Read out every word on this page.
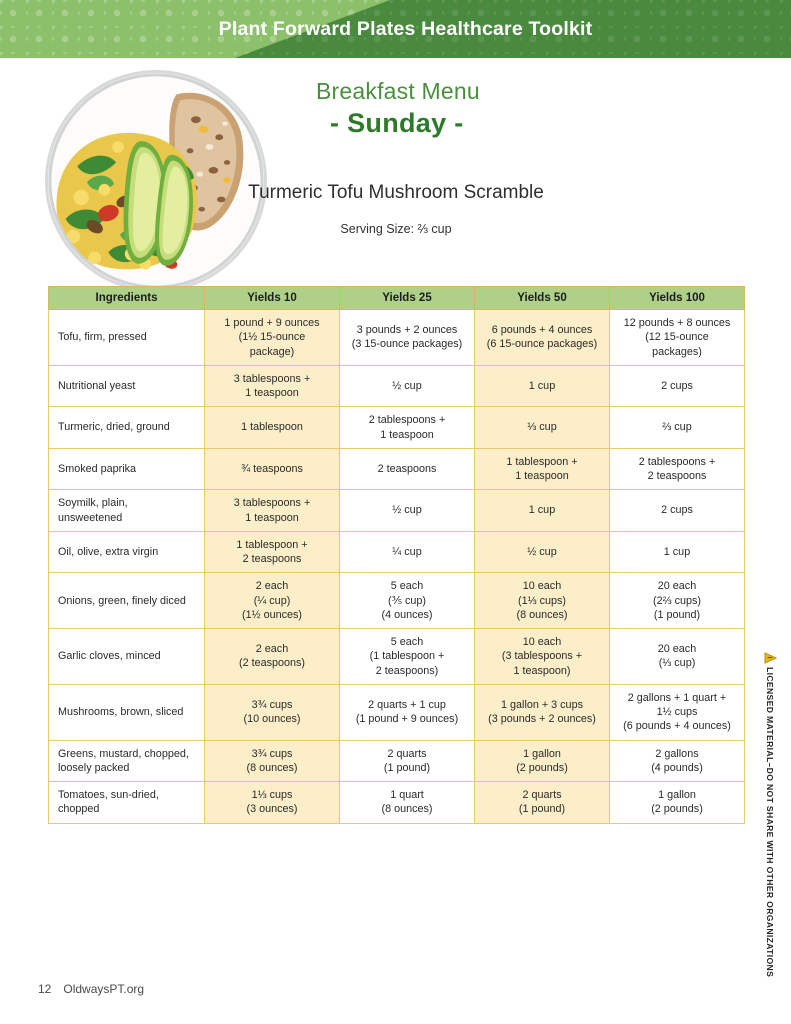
Plant Forward Plates Healthcare Toolkit
Breakfast Menu
- Sunday -
Turmeric Tofu Mushroom Scramble
Serving Size: ⅔ cup
Ingredients	Yields 10	Yields 25	Yields 50	Yields 100
Tofu, firm, pressed	1 pound + 9 ounces
(1½ 15-ounce
package)	3 pounds + 2 ounces
(3 15-ounce packages)	6 pounds + 4 ounces
(6 15-ounce packages)	12 pounds + 8 ounces
(12 15-ounce
packages)
Nutritional yeast	3 tablespoons +
1 teaspoon	½ cup	1 cup	2 cups
Turmeric, dried, ground	1 tablespoon	2 tablespoons +
1 teaspoon	⅓ cup	⅔ cup
Smoked paprika	¾ teaspoons	2 teaspoons	1 tablespoon +
1 teaspoon	2 tablespoons +
2 teaspoons
Soymilk, plain,
unsweetened	3 tablespoons +
1 teaspoon	½ cup	1 cup	2 cups
Oil, olive, extra virgin	1 tablespoon +
2 teaspoons	¼ cup	½ cup	1 cup
Onions, green, finely diced	2 each
(¼ cup)
(1½ ounces)	5 each
(⅗ cup)
(4 ounces)	10 each
(1⅓ cups)
(8 ounces)	20 each
(2⅔ cups)
(1 pound)
Garlic cloves, minced	2 each
(2 teaspoons)	5 each
(1 tablespoon +
2 teaspoons)	10 each
(3 tablespoons +
1 teaspoon)	20 each
(⅓ cup)
Mushrooms, brown, sliced	3¾ cups
(10 ounces)	2 quarts + 1 cup
(1 pound + 9 ounces)	1 gallon + 3 cups
(3 pounds + 2 ounces)	2 gallons + 1 quart +
1½ cups
(6 pounds + 4 ounces)
Greens, mustard, chopped,
loosely packed	3¾ cups
(8 ounces)	2 quarts
(1 pound)	1 gallon
(2 pounds)	2 gallons
(4 pounds)
Tomatoes, sun-dried,
chopped	1⅓ cups
(3 ounces)	1 quart
(8 ounces)	2 quarts
(1 pound)	1 gallon
(2 pounds)	LICENSED MATERIAL–DO NOT SHARE WITH OTHER ORGANIZATIONS
12 OldwaysPT.org
